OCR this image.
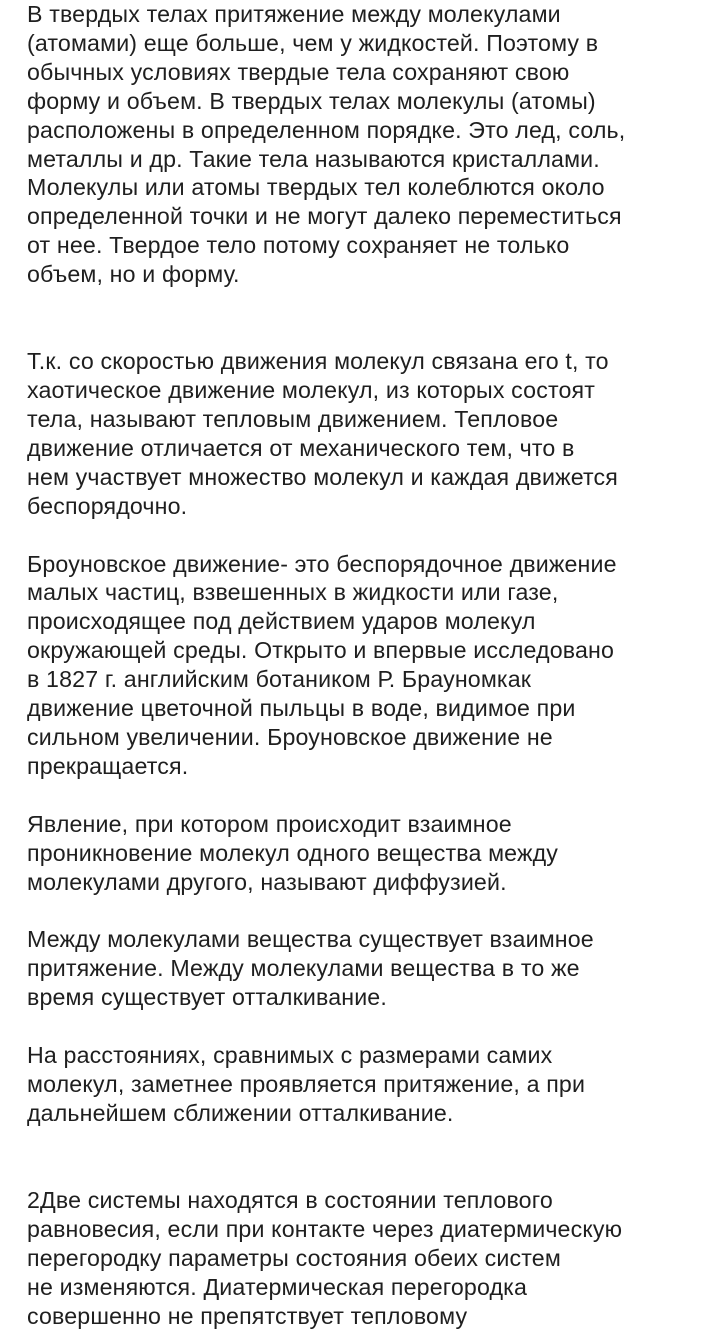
В твердых телах притяжение между молекулами
(атомами) еще больше, чем у жидкостей. Поэтому в
обычных условиях твердые тела сохраняют свою
форму и объем. В твердых телах молекулы (атомы)
расположены в определенном порядке. Это лед, соль,
металлы и др. Такие тела называются кристаллами.
Молекулы или атомы твердых тел колеблются около
определенной точки и не могут далеко переместиться
от нее. Твердое тело потому сохраняет не только
объем, но и форму.

Т.к. со скоростью движения молекул связана его t, то
хаотическое движение молекул, из которых состоят
тела, называют тепловым движением. Тепловое
движение отличается от механического тем, что в
нем участвует множество молекул и каждая движется
беспорядочно.

Броуновское движение- это беспорядочное движение
малых частиц, взвешенных в жидкости или газе,
происходящее под действием ударов молекул
окружающей среды. Открыто и впервые исследовано
в 1827 г. английским ботаником Р. Брауномкак
движение цветочной пыльцы в воде, видимое при
сильном увеличении. Броуновское движение не
прекращается.

Явление, при котором происходит взаимное
проникновение молекул одного вещества между
молекулами другого, называют диффузией.

Между молекулами вещества существует взаимное
притяжение. Между молекулами вещества в то же
время существует отталкивание.

На расстояниях, сравнимых с размерами самих
молекул, заметнее проявляется притяжение, а при
дальнейшем сближении отталкивание.

2Две системы находятся в состоянии теплового
равновесия, если при контакте через диатермическую
перегородку параметры состояния обеих систем
не изменяются. Диатермическая перегородка
совершенно не препятствует тепловому
